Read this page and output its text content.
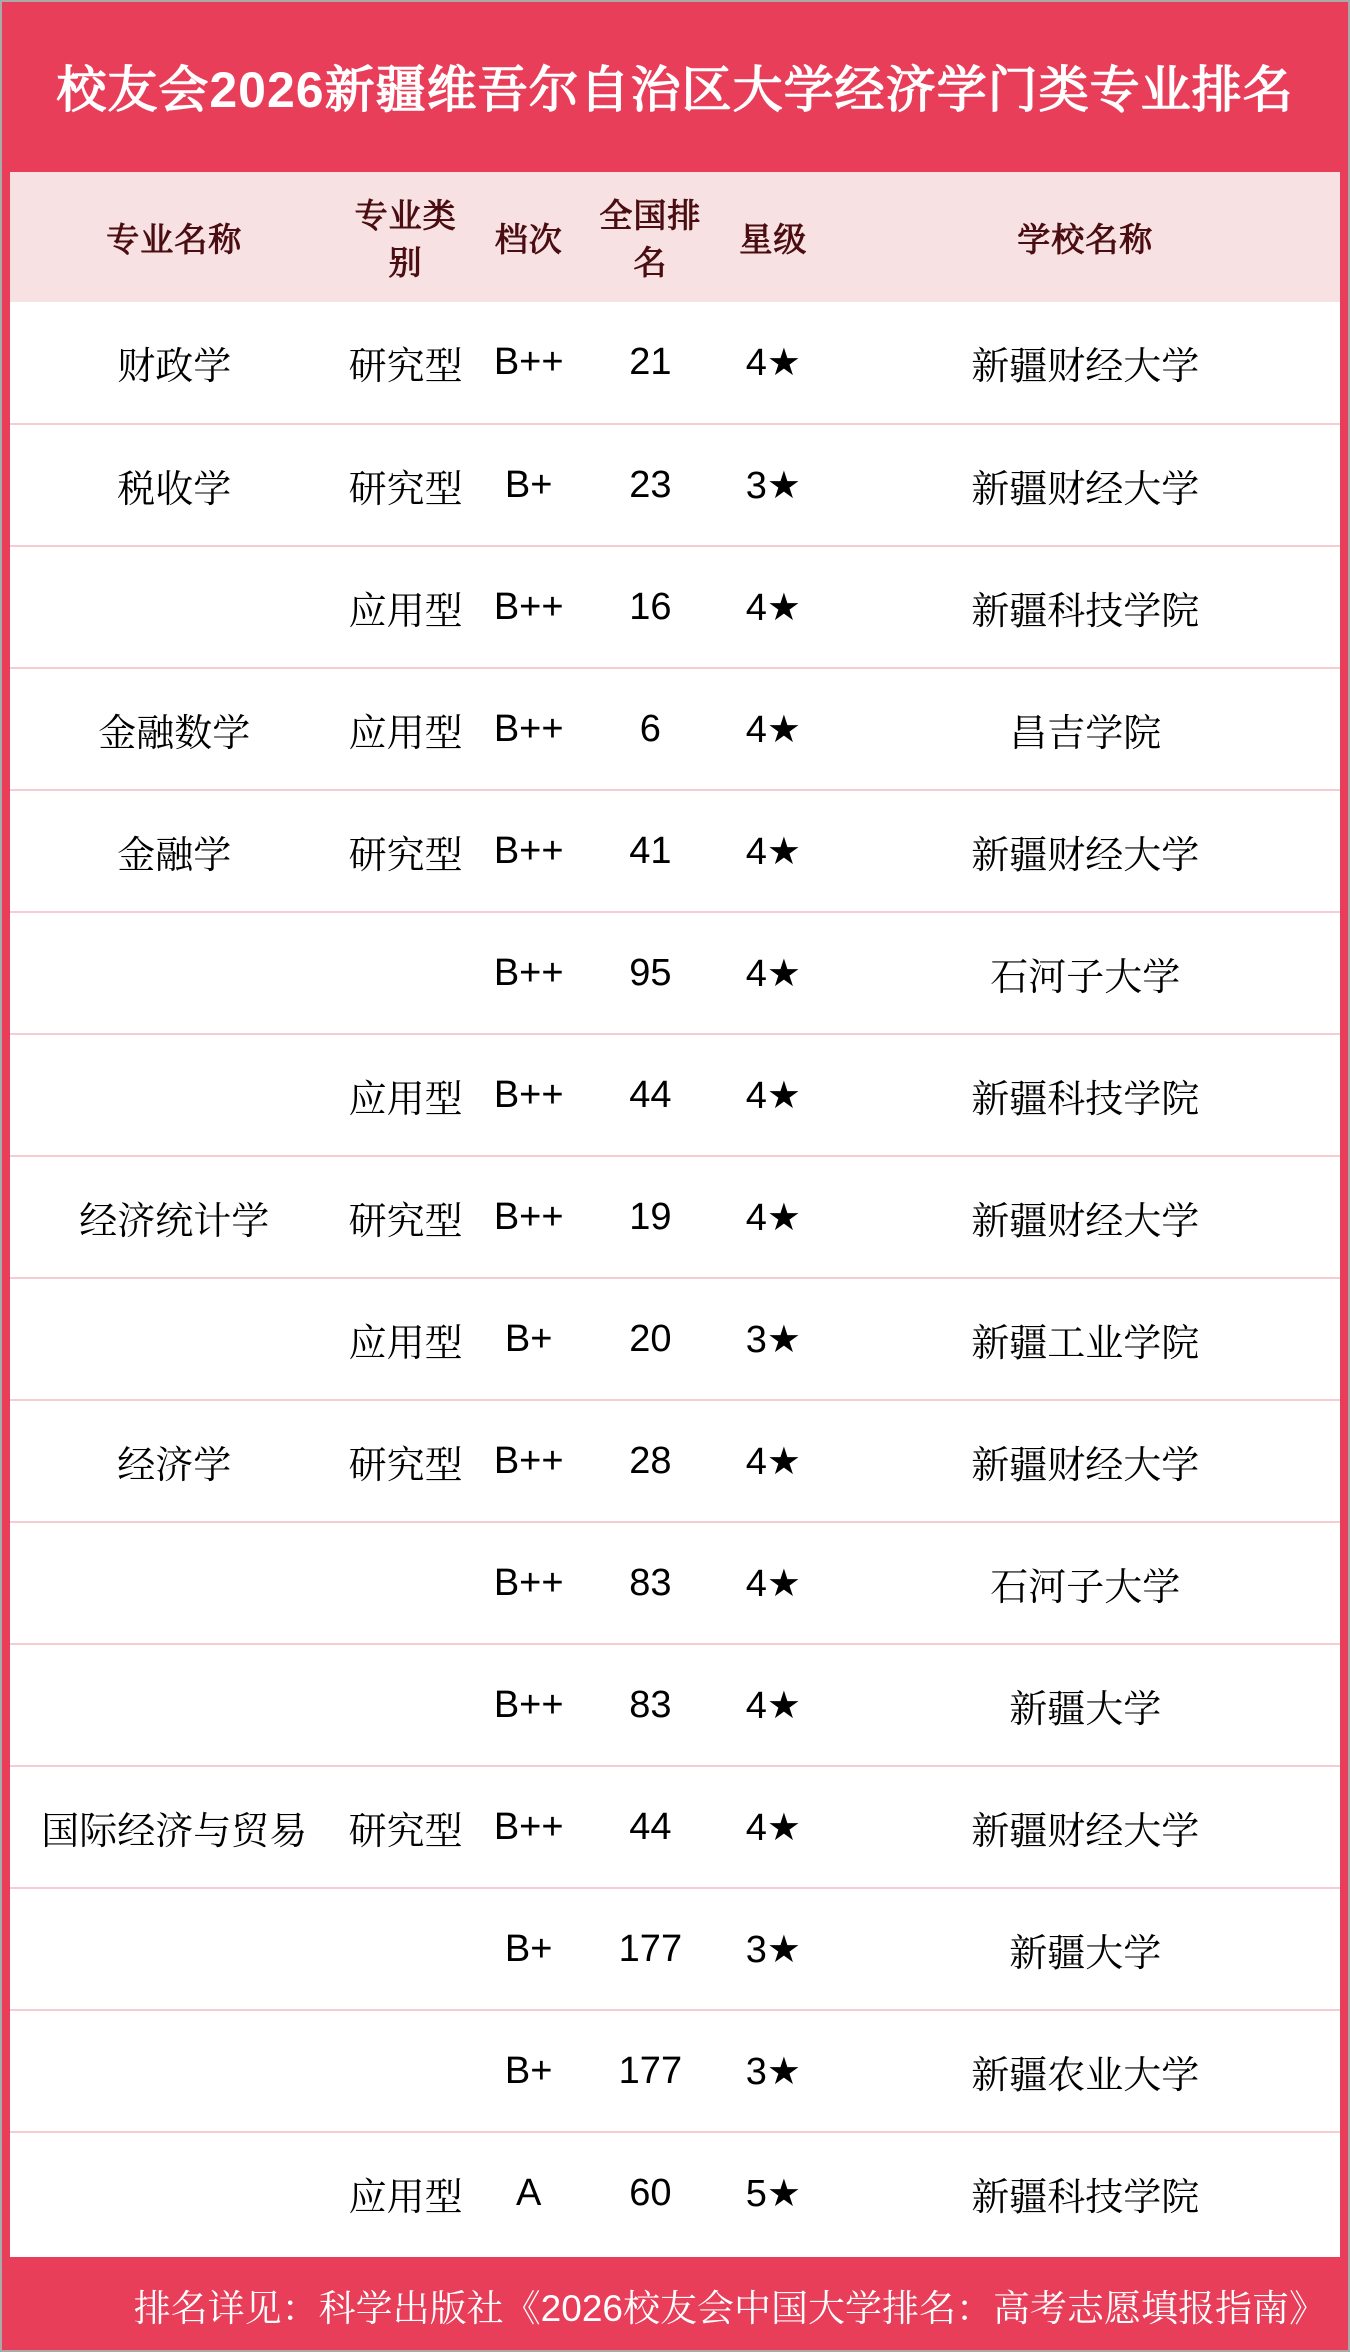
校友会2026新疆维吾尔自治区大学经济学门类专业排名
专业名称	专业类别	档次	全国排名	星级	学校名称
财政学	研究型	B++	21	4★	新疆财经大学
税收学	研究型	B+	23	3★	新疆财经大学
	应用型	B++	16	4★	新疆科技学院
金融数学	应用型	B++	6	4★	昌吉学院
金融学	研究型	B++	41	4★	新疆财经大学
		B++	95	4★	石河子大学
	应用型	B++	44	4★	新疆科技学院
经济统计学	研究型	B++	19	4★	新疆财经大学
	应用型	B+	20	3★	新疆工业学院
经济学	研究型	B++	28	4★	新疆财经大学
		B++	83	4★	石河子大学
		B++	83	4★	新疆大学
国际经济与贸易	研究型	B++	44	4★	新疆财经大学
		B+	177	3★	新疆大学
		B+	177	3★	新疆农业大学
	应用型	A	60	5★	新疆科技学院
排名详见：科学出版社《2026校友会中国大学排名：高考志愿填报指南》
